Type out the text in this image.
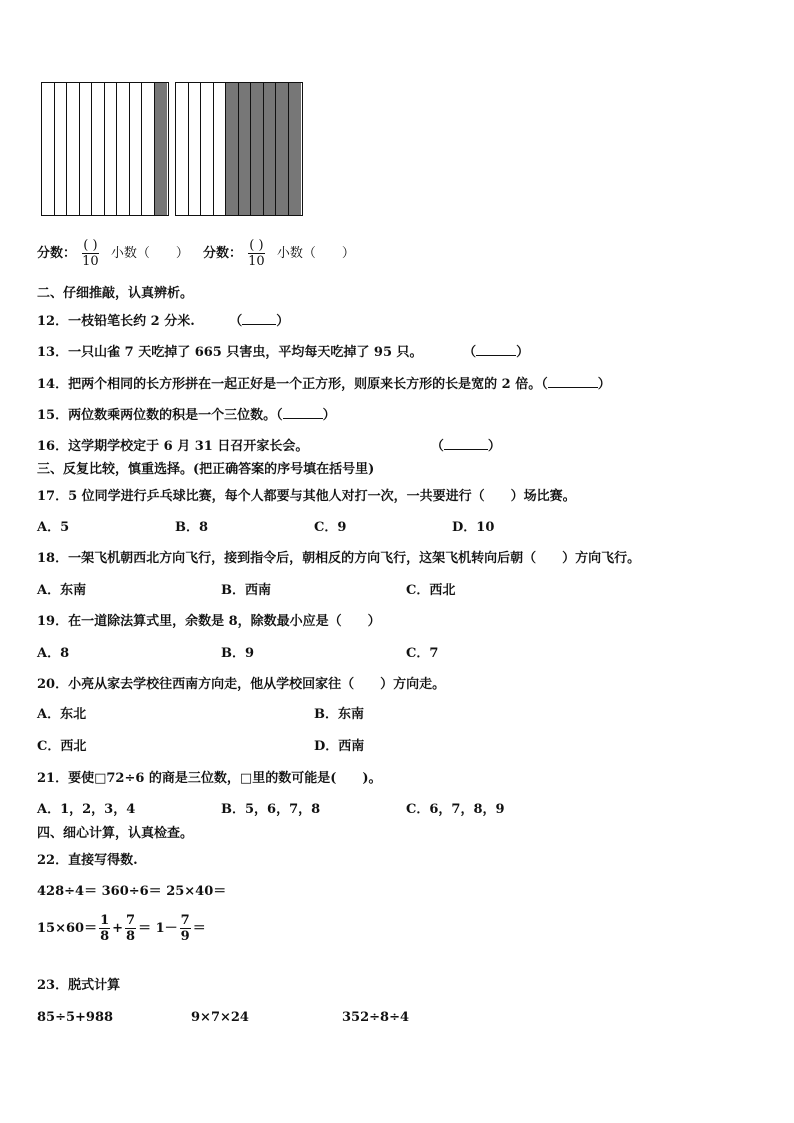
分数： $\frac{( )}{10}$ 小数（　　） 分数： $\frac{( )}{10}$ 小数（　　）
二、仔细推敲，认真辨析。
12．一枝铅笔长约 2 分米.	（	）
13．一只山雀 7 天吃掉了 665 只害虫，平均每天吃掉了 95 只。	（	）
14．把两个相同的长方形拼在一起正好是一个正方形，则原来长方形的长是宽的 2 倍。（	）
15．两位数乘两位数的积是一个三位数。（	）
16．这学期学校定于 6 月 31 日召开家长会。	（	）
三、反复比较，慎重选择。(把正确答案的序号填在括号里)
17．5 位同学进行乒乓球比赛，每个人都要与其他人对打一次，一共要进行（　　）场比赛。
A．5	B．8	C．9	D．10
18．一架飞机朝西北方向飞行，接到指令后，朝相反的方向飞行，这架飞机转向后朝（　　）方向飞行。
A．东南	B．西南	C．西北
19．在一道除法算式里，余数是 8，除数最小应是（　　）
A．8	B．9	C．7
20．小亮从家去学校往西南方向走，他从学校回家往（　　）方向走。
A．东北	B．东南
C．西北	D．西南
21．要使□72÷6 的商是三位数，□里的数可能是(　　)。
A．1，2，3，4	B．5，6，7，8	C．6，7，8，9
四、细心计算，认真检查。
22．直接写得数.
428÷4＝ 360÷6＝ 25×40＝
$15\times 60= \frac{1}{8} + \frac{7}{8} = 1- \frac{7}{9}$ ＝
23．脱式计算
85÷5+988	9×7×24	352÷8÷4
